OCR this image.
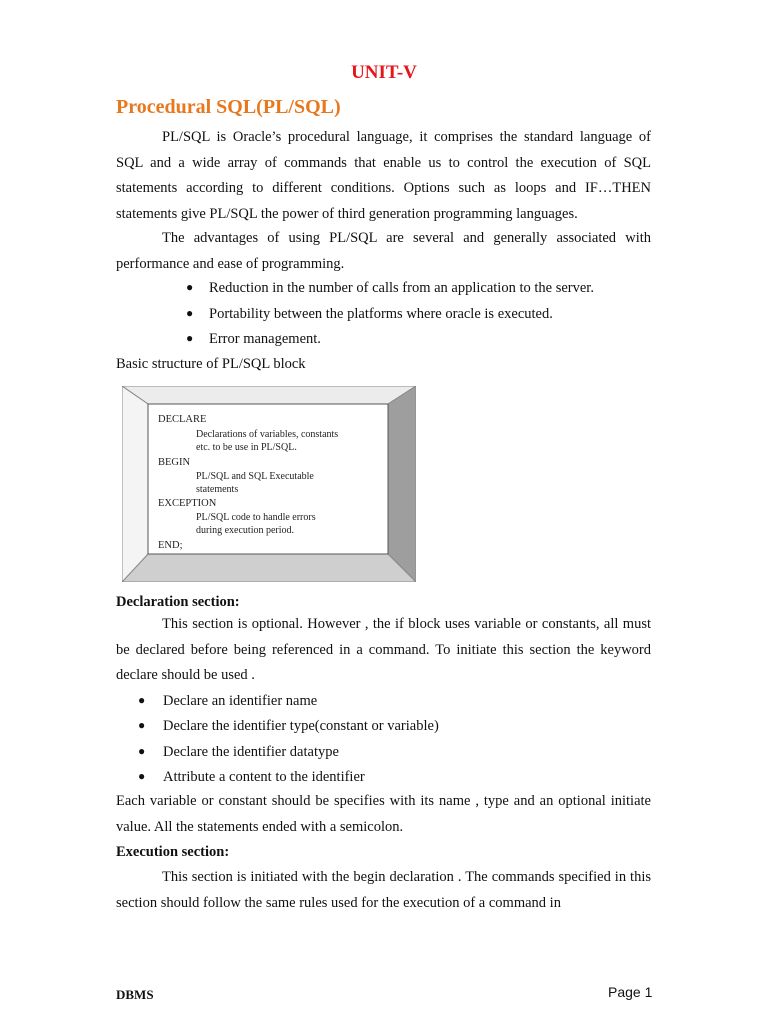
UNIT-V
Procedural SQL(PL/SQL)

PL/SQL is Oracle’s procedural language, it comprises the standard language of SQL and a wide array of commands that enable us to control the execution of SQL statements according to different conditions. Options such as loops and IF…THEN statements give PL/SQL the power of third generation programming languages.

The advantages of using PL/SQL are several and generally associated with performance and ease of programming.

● Reduction in the number of calls from an application to the server.
● Portability between the platforms where oracle is executed.
● Error management.
Basic structure of PL/SQL block
DECLARE
Declarations of variables, constants
etc. to be use in PL/SQL.
BEGIN
PL/SQL and SQL Executable
statements
EXCEPTION
PL/SQL code to handle errors
during execution period.
END;
Declaration section:

This section is optional. However , the if block uses variable or constants, all must be declared before being referenced in a command. To initiate this section the keyword declare should be used .

● Declare an identifier name
● Declare the identifier type(constant or variable)
● Declare the identifier datatype
● Attribute a content to the identifier

Each variable or constant should be specifies with its name , type and an optional initiate value. All the statements ended with a semicolon.

Execution section:

This section is initiated with the begin declaration . The commands specified in this section should follow the same rules used for the execution of a command in

DBMS	Page 1
